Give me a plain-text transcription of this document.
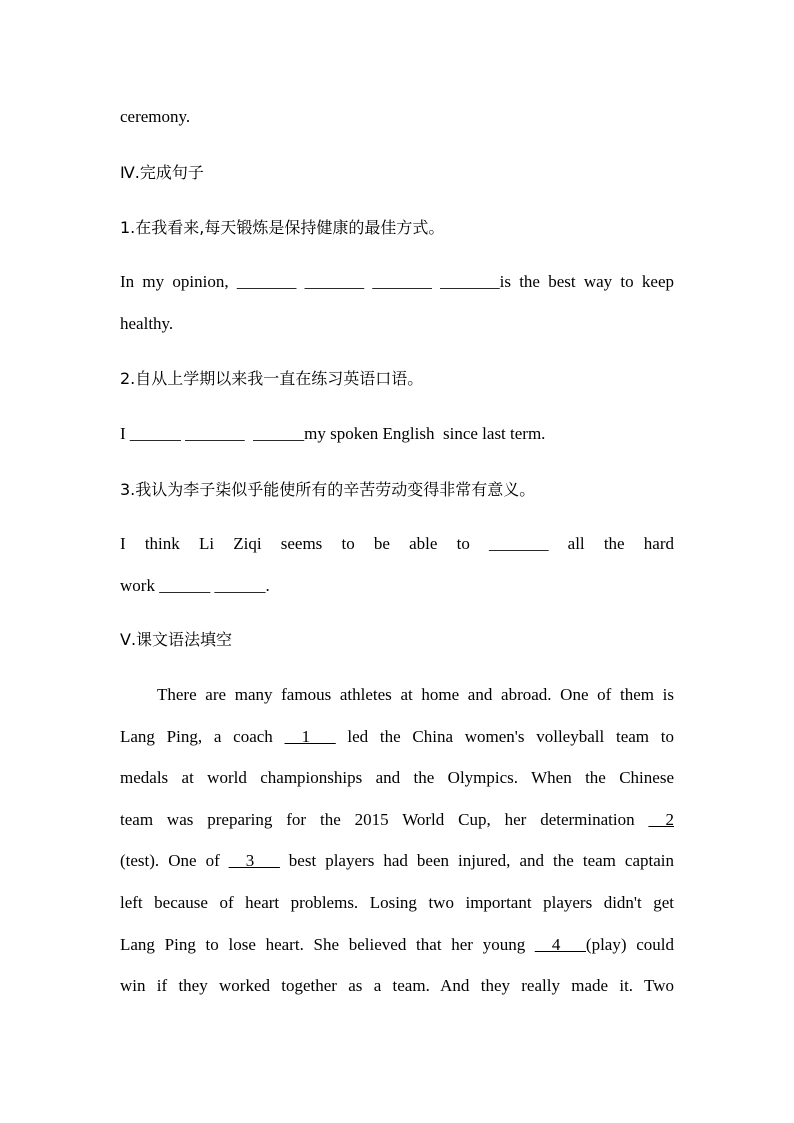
ceremony.
Ⅳ.完成句子
1.在我看来,每天锻炼是保持健康的最佳方式。
In my opinion, _______ _______ _______ _______is the best way to keep
healthy.
2.自从上学期以来我一直在练习英语口语。
I ______ _______  ______my spoken English  since last term.
3.我认为李子柒似乎能使所有的辛苦劳动变得非常有意义。
I think Li Ziqi seems to be able to _______ all the hard
work ______ ______.
Ⅴ.课文语法填空
There are many famous athletes at home and abroad. One of them is
Lang Ping, a coach __1___ led the China women's volleyball team to
medals at world championships and the Olympics. When the Chinese
team was preparing for the 2015 World Cup, her determination __2
(test). One of __3___ best players had been injured, and the team captain
left because of heart problems. Losing two important players didn't get
Lang Ping to lose heart. She believed that her young __4___(play) could
win if they worked together as a team. And they really made it. Two
